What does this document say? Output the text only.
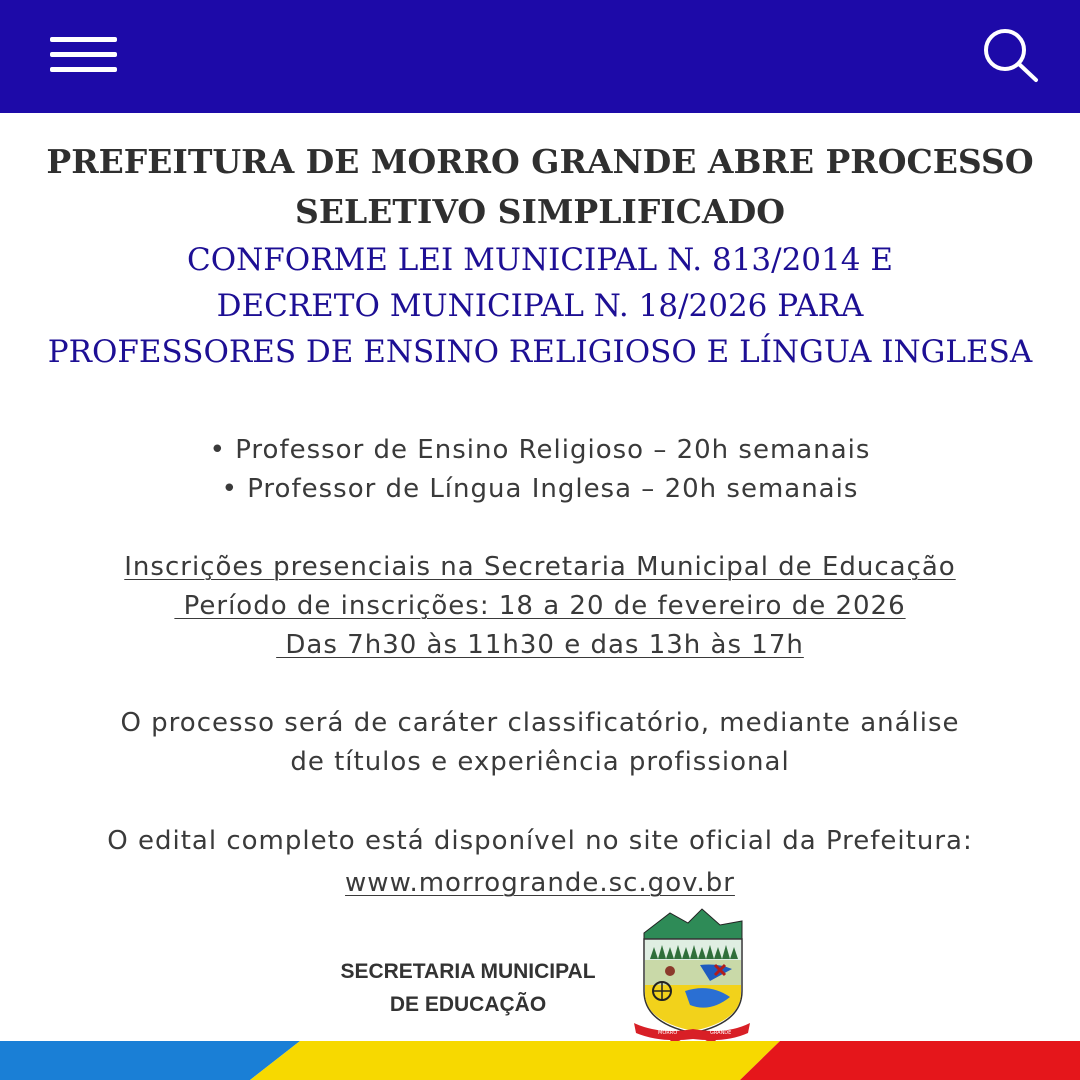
PREFEITURA DE MORRO GRANDE ABRE PROCESSO
SELETIVO SIMPLIFICADO
CONFORME LEI MUNICIPAL N. 813/2014 E
DECRETO MUNICIPAL N. 18/2026 PARA
PROFESSORES DE ENSINO RELIGIOSO E LÍNGUA INGLESA
• Professor de Ensino Religioso – 20h semanais
• Professor de Língua Inglesa – 20h semanais
Inscrições presenciais na Secretaria Municipal de Educação
Período de inscrições: 18 a 20 de fevereiro de 2026
Das 7h30 às 11h30 e das 13h às 17h
O processo será de caráter classificatório, mediante análise
de títulos e experiência profissional
O edital completo está disponível no site oficial da Prefeitura:
www.morrogrande.sc.gov.br
SECRETARIA MUNICIPAL
DE EDUCAÇÃO
MORRO	GRANDE
